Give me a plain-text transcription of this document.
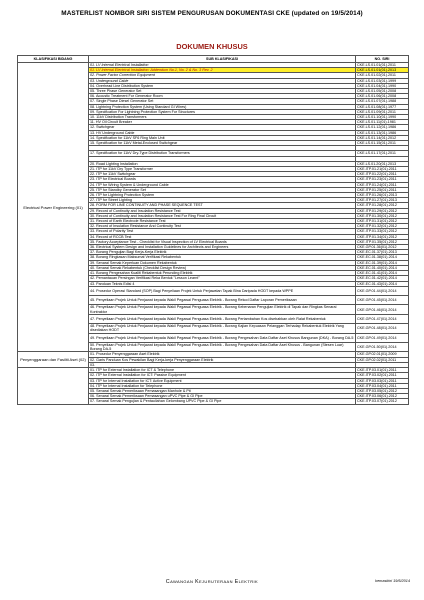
MASTERLIST NOMBOR SIRI SISTEM PENGURUSAN DOKUMENTASI CKE (updated on 19/5/2014)
DOKUMEN KHUSUS
KLASIFIKASI BIDANG	SUB KLASIFIKASI	NO. SIRI
Electrical Power Engineering (01)	01. LV Internal Electrical Installation	CKE.LS.01.01(01).2011
	01. LV Internal Electrical Installation: Addendum No.1, No. 2 & No. 3 Rev. 2	CKE.LS.01.01(01).2013
	02. Power Factor Correction Equipment	CKE.LS.01.02(01).2011
	03. Underground Cable	CKE.LS.01.03(01).1999
	04. Overhead Line Distribution System	CKE.LS.01.04(01).1990
	05. Three Phase Generator Set	CKE.LS.01.05(01).2008
	06. Acoustic Treatment For Generator Room	CKE.LS.01.06(01).2008
	07. Single Phase Diesel Generator Set	CKE.LS.01.07(01).1988
	08. Lightning Protection System (Using Standard GI Wires)	CKE.LS.01.08(01).1977
	09. Specification For Lightning Protection System For Structures	CKE.LS.01.09(01).2011
	10. 11kV Distribution Transformers	CKE.LS.01.10(01).1990
	11. HV Oil Circuit Breaker	CKE.LS.01.11(01).1981
	12. Switchgear	CKE.LS.01.12(01).1986
	13. HV Underground Cable	CKE.LS.01.13(01).1986
	14. Specification for 11kV SF6 Ring Main Unit	CKE.LS.01.14(01).2012
	15. Specification for 11kV Metal-Enclosed Switchgear	CKE.LS.01.15(01).2011

	17. Specification for 11kV Dry-Type Distribution Transformers	CKE.LS.01.17(01).2011

	20. Road Lighting Installation	CKE.LS.01.20(01).2013
	21. ITP for 11kV Dry Type Transformer	CKE.ITP.01.21(01).2011
	22. ITP for 11kV Switchgear	CKE.ITP.01.22(01).2011
	23. ITP for Electrical Boards	CKE.ITP.01.23(01).2011
	24. ITP for Wiring System & Underground Cable	CKE.ITP.01.24(01).2011
	25. ITP for Standby Generator Set	CKE.ITP.01.25(01).2011
	26. ITP for Lightning Protection System	CKE.ITP.01.26(01).2013
	27. ITP for Street Lighting	CKE.ITP.01.27(01).2013
	28. FORM FOR LINE CONTINUITY AND PHASE SEQUENCE TEST	CKE.ITP.01.28(01).2012
	29. Record of Continuity and Insulation Resistance Test	CKE.ITP.01.29(01).2012
	30. Record of Continuity and Insulation Resistance Test For Ring Final Circuit	CKE.ITP.01.30(01).2012
	31. Record of Earth Electrode Resistance Test	CKE.ITP.01.31(01).2012
	32. Record of Insulation Resistance And Continuity Test	CKE.ITP.01.32(01).2012
	33. Record of Polarity Test	CKE.ITP.01.33(01).2012
	34. Record of RCCB Test	CKE.ITP.01.34(01).2012
	35. Factory Acceptance Test - Checklist for Visual Inspection of LV Electrical Boards	CKE.ITP.01.35(01).2012
	36. Electrical System Design and Installation Guidelines for Architects and Engineers	CKE.GP.01.36(01).2012
	37. Borang Pengujian Bagi Kerja-Kerja Elektrik	CKE.EC.01.37(01).2013
	38. Borang Ringkasan Maksumat Verifikasi Rekabentuk	CKE.EC.01.38(01).2014
	39. Senarai Semak Keperluan Dokumen Rekabentuk	CKE.EC.01.39(01).2014
	40. Senarai Semak Rekabentuk (Checklist Design Review)	CKE.EC.01.40(01).2014
	41. Borang Pengesahan Kualiti Rekabentuk Perunding Elektrik	CKE.EC.01.41(01).2014
	42. Pemantauan Persingan Verifikasi Reka Bentuk "Lesson Learnt"	CKE.EC.01.42(01).2014
	43. Panduan Teknis Edisi 4	CKE.EC.01.43(01).2014
	44. Prosedur Operasi Standard (SOP) Bagi Penyeliaan Projek Untuk Perjawatan Tapak Bina Daripada HODT kepada WPPE	CKE.GP.01.44(01).2014
	45. Penyeliaan Projek Untuk Penjawat kepada Wakil Pegawai Penguasa Elektrik - Borang Rekod Daftar Laporan Pemeriksaan	CKE.GP.01.45(01).2014
	46. Penyeliaan Projek Untuk Penjawat kepada Wakil Pegawai Penguasa Elektrik - Borang Kebenaran Pengujian Elektrik di Tapak dan Ringkas Senarai Kontraktor	CKE.GP.01.46(01).2014
	47. Penyeliaan Projek Untuk Penjawat kepada Wakil Pegawai Penguasa Elektrik - Borang Pertambahan Kos disebabkan oleh Ralat Rekabentuk	CKE.GP.01.47(01).2014
	48. Penyeliaan Projek Untuk Penjawat kepada Wakil Pegawai Penguasa Elektrik - Borang Kajian Kepuasan Pelanggan Terhadap Rekabentuk Elektrik Yang disediakan HODT	CKE.GP.01.48(01).2014
	49. Penyeliaan Projek Untuk Penjawat kepada Wakil Pegawai Penguasa Elektrik - Borang Pengesahan Data Daftar Aset Khusus Bangunan (DKA) - Borang DA-5	CKE.GP.01.49(01).2014
	50. Penyeliaan Projek Untuk Penjawat kepada Wakil Pegawai Penguasa Elektrik - Borang Pengesahan Data Daftar Aset Khusus - Bangunan (Stesen Luar) Borang DA-5	CKE.GP.01.50(01).2014
Penyenggaraan dan Fasiliti Aset (02)	01. Prosedur Penyenggaraan Aset Elektrik	CKE.GP.02.01(01).2009
	02. Garis Panduan Kos Pewakilan Bagi Kerja-kerja Penyenggaraan Elektrik	CKE.GP.02.02(01).2011
	03.	
	01. ITP for External Installation for ICT & Telephone	CKE.ITP.03.01(01).2011
	02. ITP for External Installation for ICT: Passive Equipment	CKE.ITP.03.02(01).2011
	03. ITP for Internal Installation for ICT: Active Equipment	CKE.ITP.03.03(01).2011
	04. ITP for Internal Installation for Telephone	CKE.ITP.03.04(01).2011
	05. Senarai Semak Pemeriksaan Pemasangan Manhole & Pit	CKE.ITP.03.05(01).2012
	06. Senarai Semak Pemeriksaan Pemasangan uPVC Pipe & GI Pipe	CKE.ITP.03.06(01).2012
	07. Senarai Semak Pengujian & Pentauliahan Gelombang UPVC Pipe & GI Pipe	CKE.ITP.03.07(01).2012
Cawangan Kejuruteraan Elektrik	kemaskini 19/5/2014
